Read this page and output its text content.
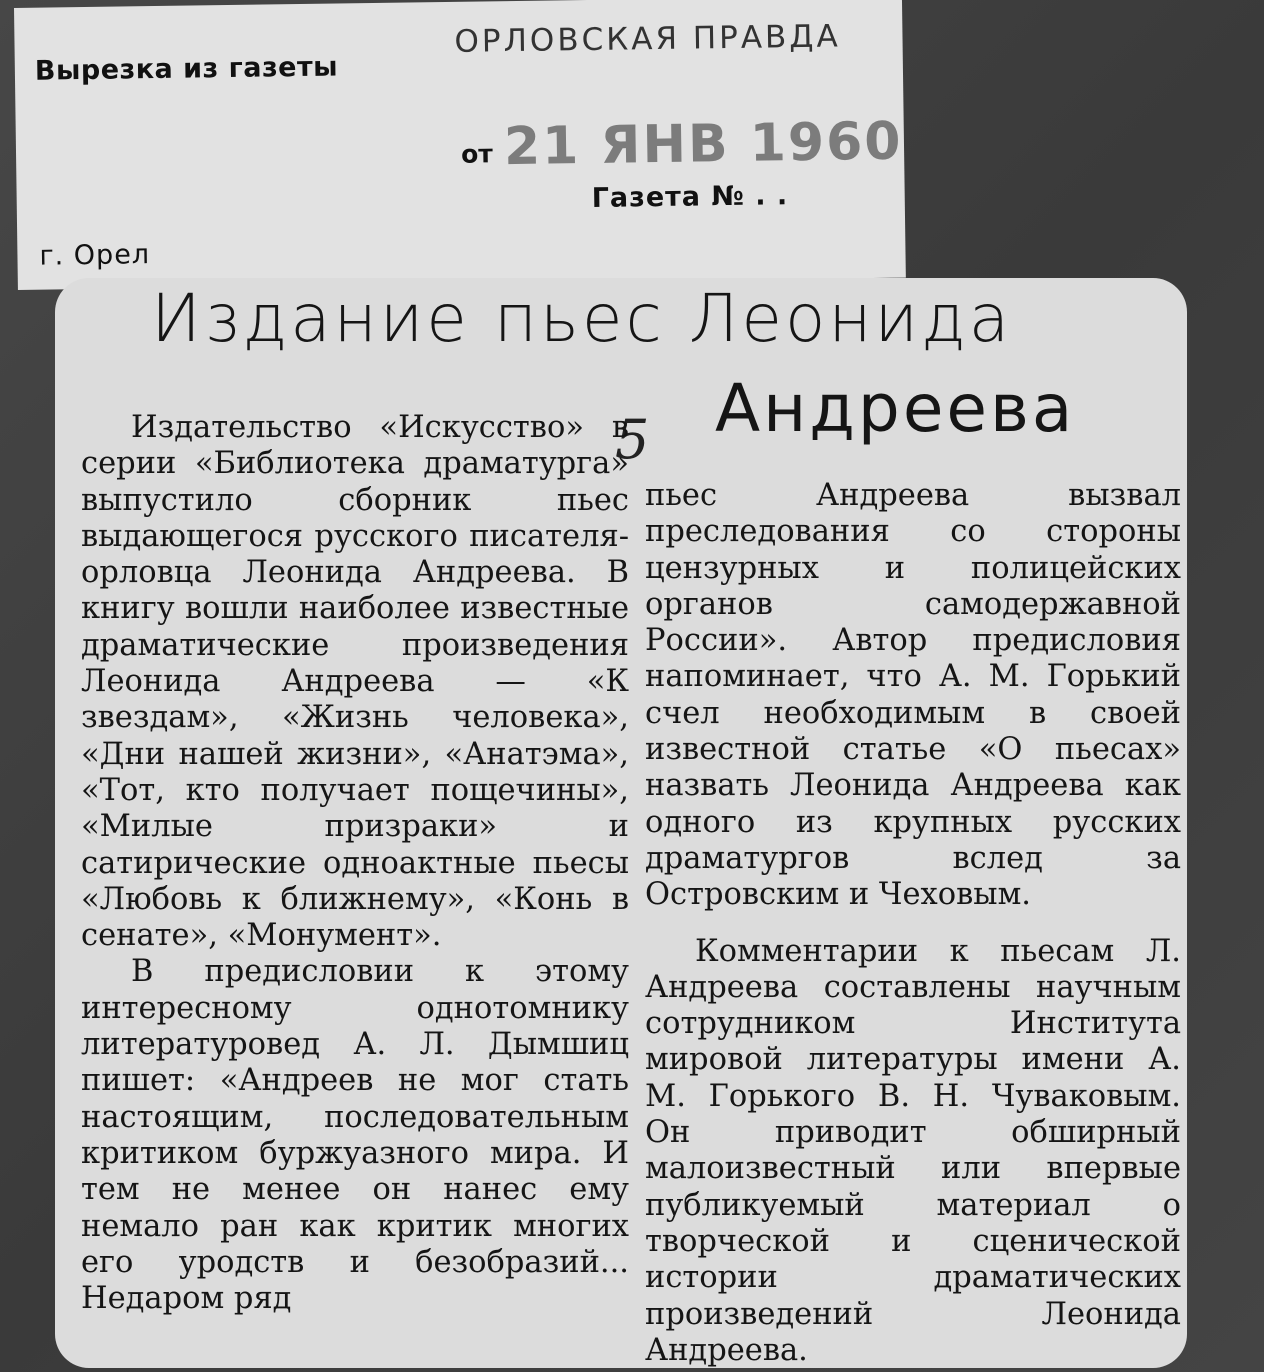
Вырезка из газеты
ОРЛОВСКАЯ ПРАВДА
от 21 ЯНВ 1960
Газета № . .
г. Орел
Издание пьес Леонида
Андреева
5

Издательство «Искусство» в серии «Библиотека драматурга» выпустило сборник пьес выдающегося русского писателя-орловца Леонида Андреева. В книгу вошли наиболее известные драматические произведения Леонида Андреева — «К звездам», «Жизнь человека», «Дни нашей жизни», «Анатэма», «Тот, кто получает пощечины», «Милые призраки» и сатирические одноактные пьесы «Любовь к ближнему», «Конь в сенате», «Монумент».

В предисловии к этому интересному однотомнику литературовед А. Л. Дымшиц пишет: «Андреев не мог стать настоящим, последовательным критиком буржуазного мира. И тем не менее он нанес ему немало ран как критик многих его уродств и безобразий... Недаром ряд

пьес Андреева вызвал преследования со стороны цензурных и полицейских органов самодержавной России». Автор предисловия напоминает, что А. М. Горький счел необходимым в своей известной статье «О пьесах» назвать Леонида Андреева как одного из крупных русских драматургов вслед за Островским и Чеховым.

Комментарии к пьесам Л. Андреева составлены научным сотрудником Института мировой литературы имени А. М. Горького В. Н. Чуваковым. Он приводит обширный малоизвестный или впервые публикуемый материал о творческой и сценической истории драматических произведений Леонида Андреева.
